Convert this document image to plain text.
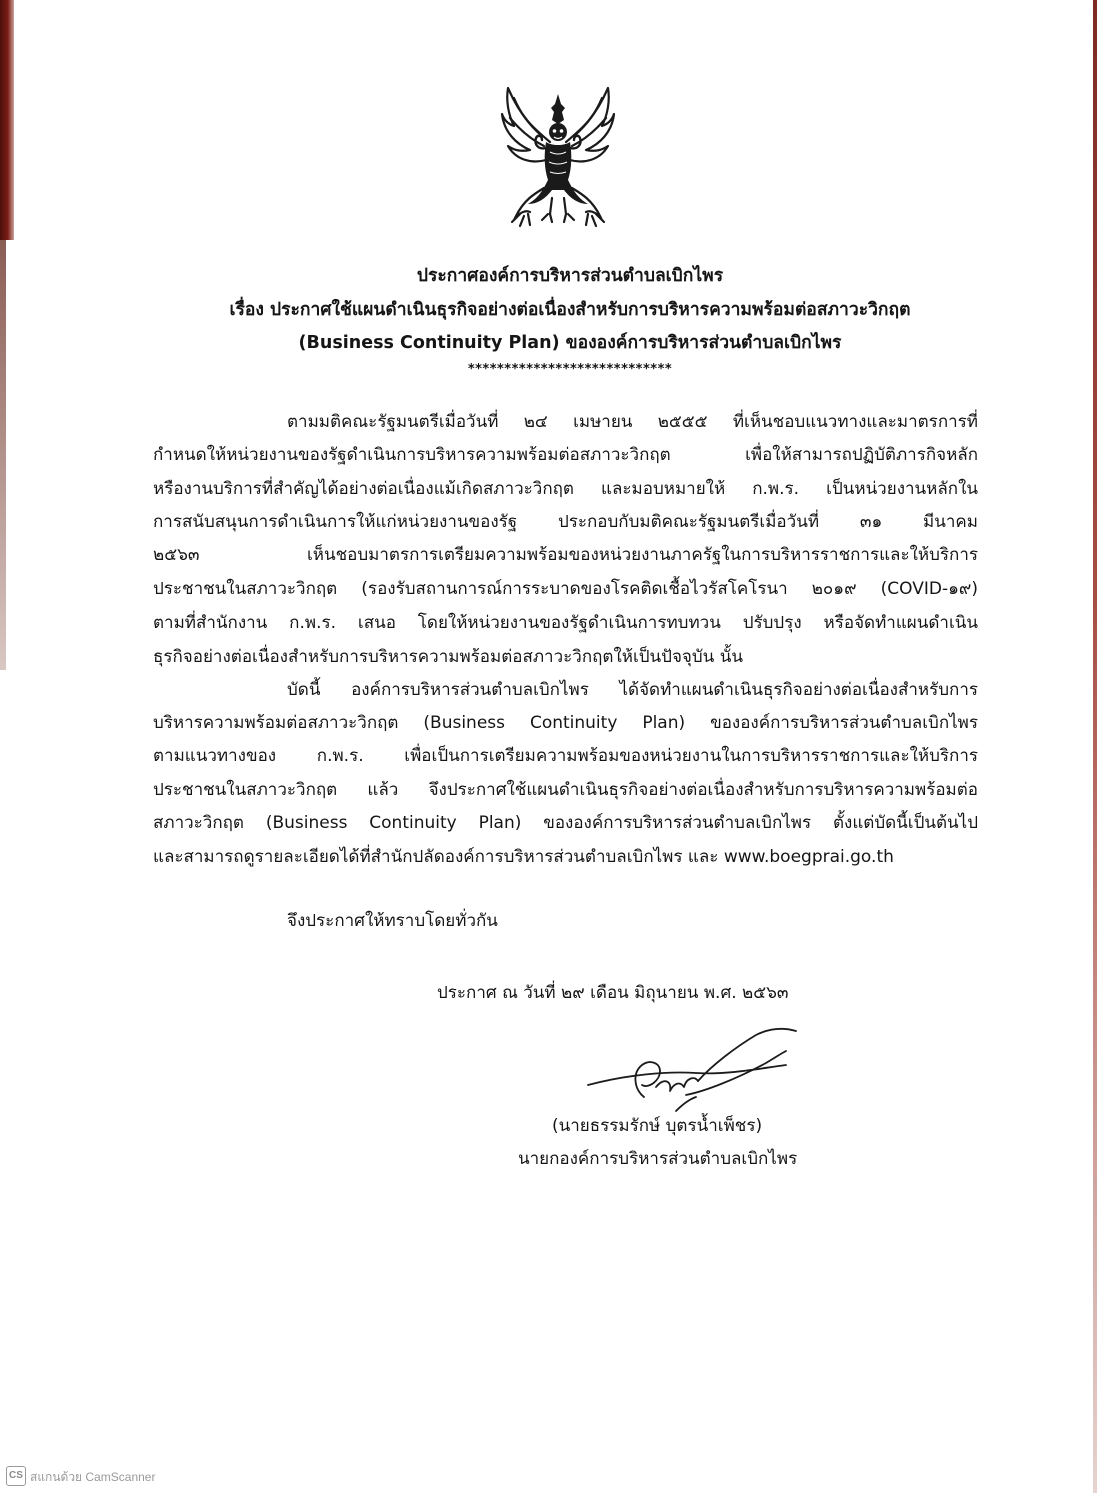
ประกาศองค์การบริหารส่วนตำบลเบิกไพร
เรื่อง ประกาศใช้แผนดำเนินธุรกิจอย่างต่อเนื่องสำหรับการบริหารความพร้อมต่อสภาวะวิกฤต
(Business Continuity Plan) ขององค์การบริหารส่วนตำบลเบิกไพร
****************************
ตามมติคณะรัฐมนตรีเมื่อวันที่ ๒๔ เมษายน ๒๕๕๕ ที่เห็นชอบแนวทางและมาตรการที่
กำหนดให้หน่วยงานของรัฐดำเนินการบริหารความพร้อมต่อสภาวะวิกฤต เพื่อให้สามารถปฏิบัติภารกิจหลัก
หรืองานบริการที่สำคัญได้อย่างต่อเนื่องแม้เกิดสภาวะวิกฤต และมอบหมายให้ ก.พ.ร. เป็นหน่วยงานหลักใน
การสนับสนุนการดำเนินการให้แก่หน่วยงานของรัฐ ประกอบกับมติคณะรัฐมนตรีเมื่อวันที่ ๓๑ มีนาคม
๒๕๖๓ เห็นชอบมาตรการเตรียมความพร้อมของหน่วยงานภาครัฐในการบริหารราชการและให้บริการ
ประชาชนในสภาวะวิกฤต (รองรับสถานการณ์การระบาดของโรคติดเชื้อไวรัสโคโรนา ๒๐๑๙ (COVID-๑๙)
ตามที่สำนักงาน ก.พ.ร. เสนอ โดยให้หน่วยงานของรัฐดำเนินการทบทวน ปรับปรุง หรือจัดทำแผนดำเนิน
ธุรกิจอย่างต่อเนื่องสำหรับการบริหารความพร้อมต่อสภาวะวิกฤตให้เป็นปัจจุบัน นั้น
บัดนี้ องค์การบริหารส่วนตำบลเบิกไพร ได้จัดทำแผนดำเนินธุรกิจอย่างต่อเนื่องสำหรับการ
บริหารความพร้อมต่อสภาวะวิกฤต (Business Continuity Plan) ขององค์การบริหารส่วนตำบลเบิกไพร
ตามแนวทางของ ก.พ.ร. เพื่อเป็นการเตรียมความพร้อมของหน่วยงานในการบริหารราชการและให้บริการ
ประชาชนในสภาวะวิกฤต แล้ว จึงประกาศใช้แผนดำเนินธุรกิจอย่างต่อเนื่องสำหรับการบริหารความพร้อมต่อ
สภาวะวิกฤต (Business Continuity Plan) ขององค์การบริหารส่วนตำบลเบิกไพร ตั้งแต่บัดนี้เป็นต้นไป
และสามารถดูรายละเอียดได้ที่สำนักปลัดองค์การบริหารส่วนตำบลเบิกไพร และ www.boegprai.go.th
จึงประกาศให้ทราบโดยทั่วกัน
ประกาศ ณ วันที่ ๒๙ เดือน มิถุนายน พ.ศ. ๒๕๖๓
(นายธรรมรักษ์ บุตรน้ำเพ็ชร)
นายกองค์การบริหารส่วนตำบลเบิกไพร
CS สแกนด้วย CamScanner
